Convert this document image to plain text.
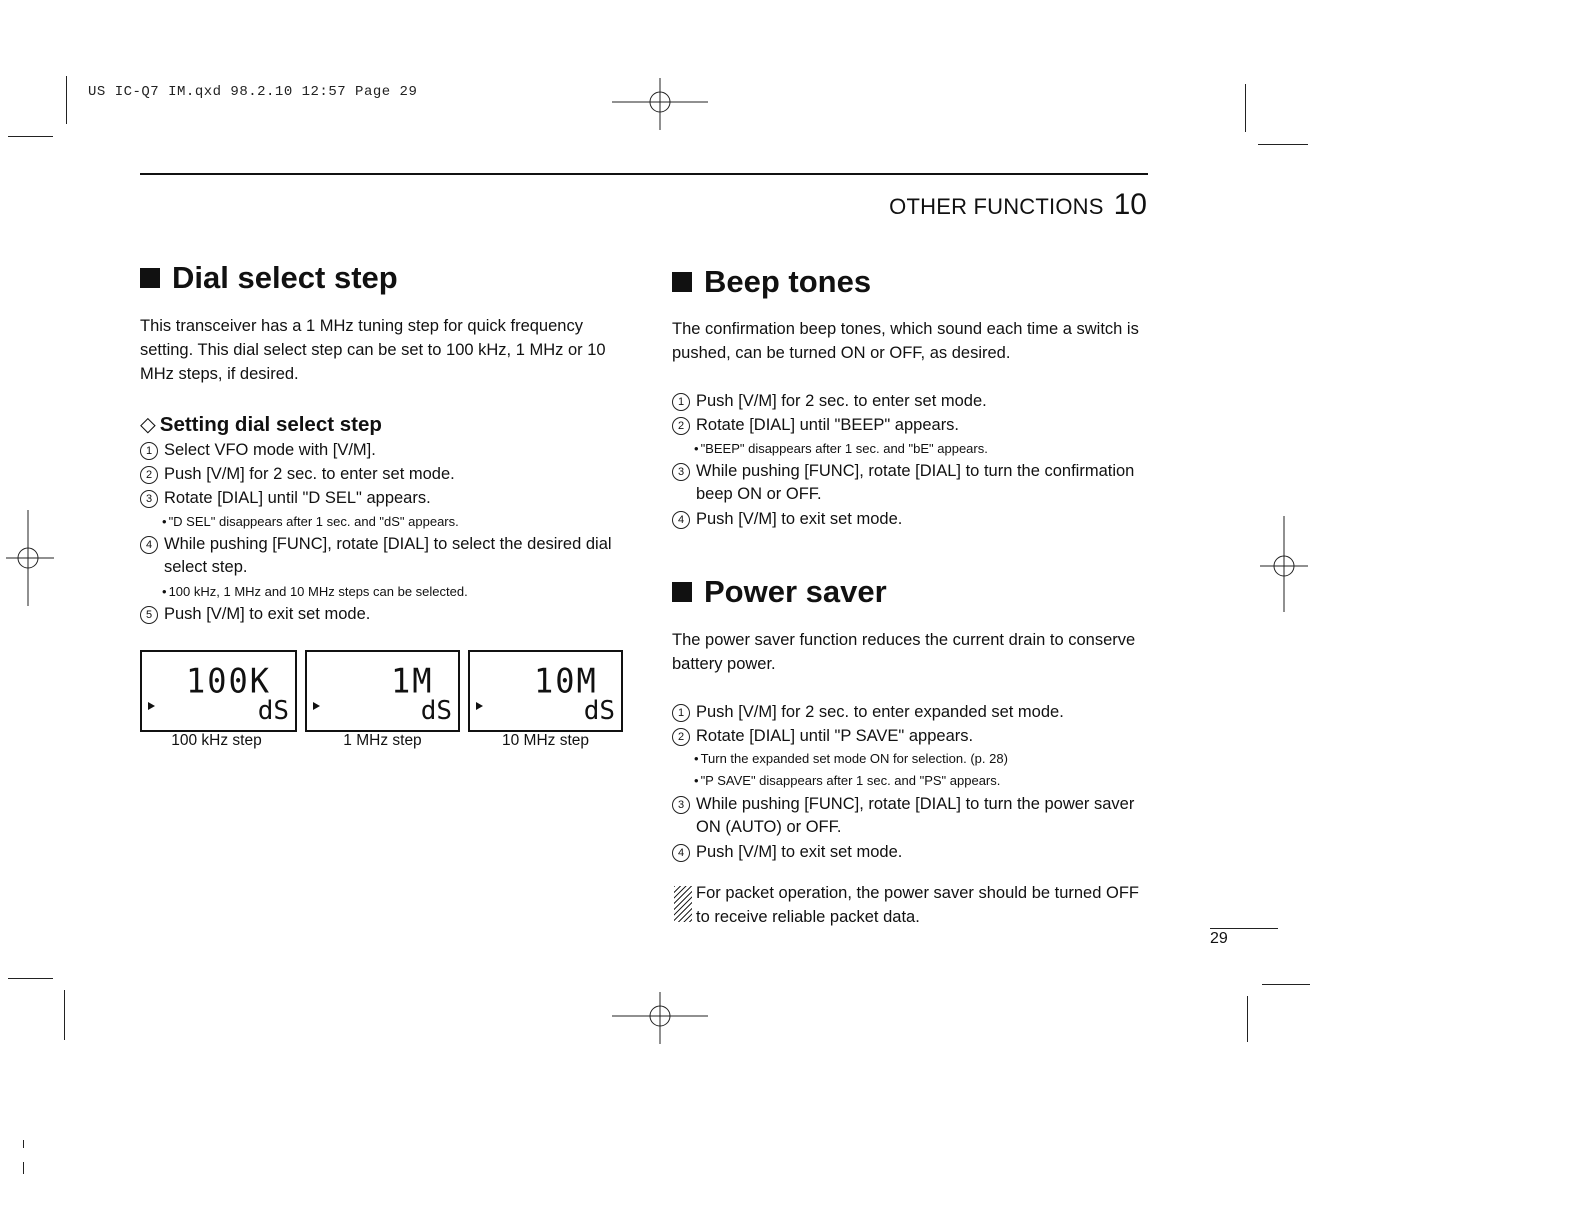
US IC-Q7 IM.qxd 98.2.10 12:57 Page 29
OTHER FUNCTIONS 10
Dial select step
This transceiver has a 1 MHz tuning step for quick frequency setting. This dial select step can be set to 100 kHz, 1 MHz or 10 MHz steps, if desired.
◇ Setting dial select step
1 Select VFO mode with [V/M].
2 Push [V/M] for 2 sec. to enter set mode.
3 Rotate [DIAL] until "D SEL" appears.
• "D SEL" disappears after 1 sec. and "dS" appears.
4 While pushing [FUNC], rotate [DIAL] to select the desired dial select step.
• 100 kHz, 1 MHz and 10 MHz steps can be selected.
5 Push [V/M] to exit set mode.
100K
dS
100 kHz step
1M
dS
1 MHz step
10M
dS
10 MHz step
Beep tones
The confirmation beep tones, which sound each time a switch is pushed, can be turned ON or OFF, as desired.
1 Push [V/M] for 2 sec. to enter set mode.
2 Rotate [DIAL] until "BEEP" appears.
• "BEEP" disappears after 1 sec. and "bE" appears.
3 While pushing [FUNC], rotate [DIAL] to turn the confirmation beep ON or OFF.
4 Push [V/M] to exit set mode.
Power saver
The power saver function reduces the current drain to conserve battery power.
1 Push [V/M] for 2 sec. to enter expanded set mode.
2 Rotate [DIAL] until "P SAVE" appears.
• Turn the expanded set mode ON for selection. (p. 28)
• "P SAVE" disappears after 1 sec. and "PS" appears.
3 While pushing [FUNC], rotate [DIAL] to turn the power saver ON (AUTO) or OFF.
4 Push [V/M] to exit set mode.
For packet operation, the power saver should be turned OFF to receive reliable packet data.
29
